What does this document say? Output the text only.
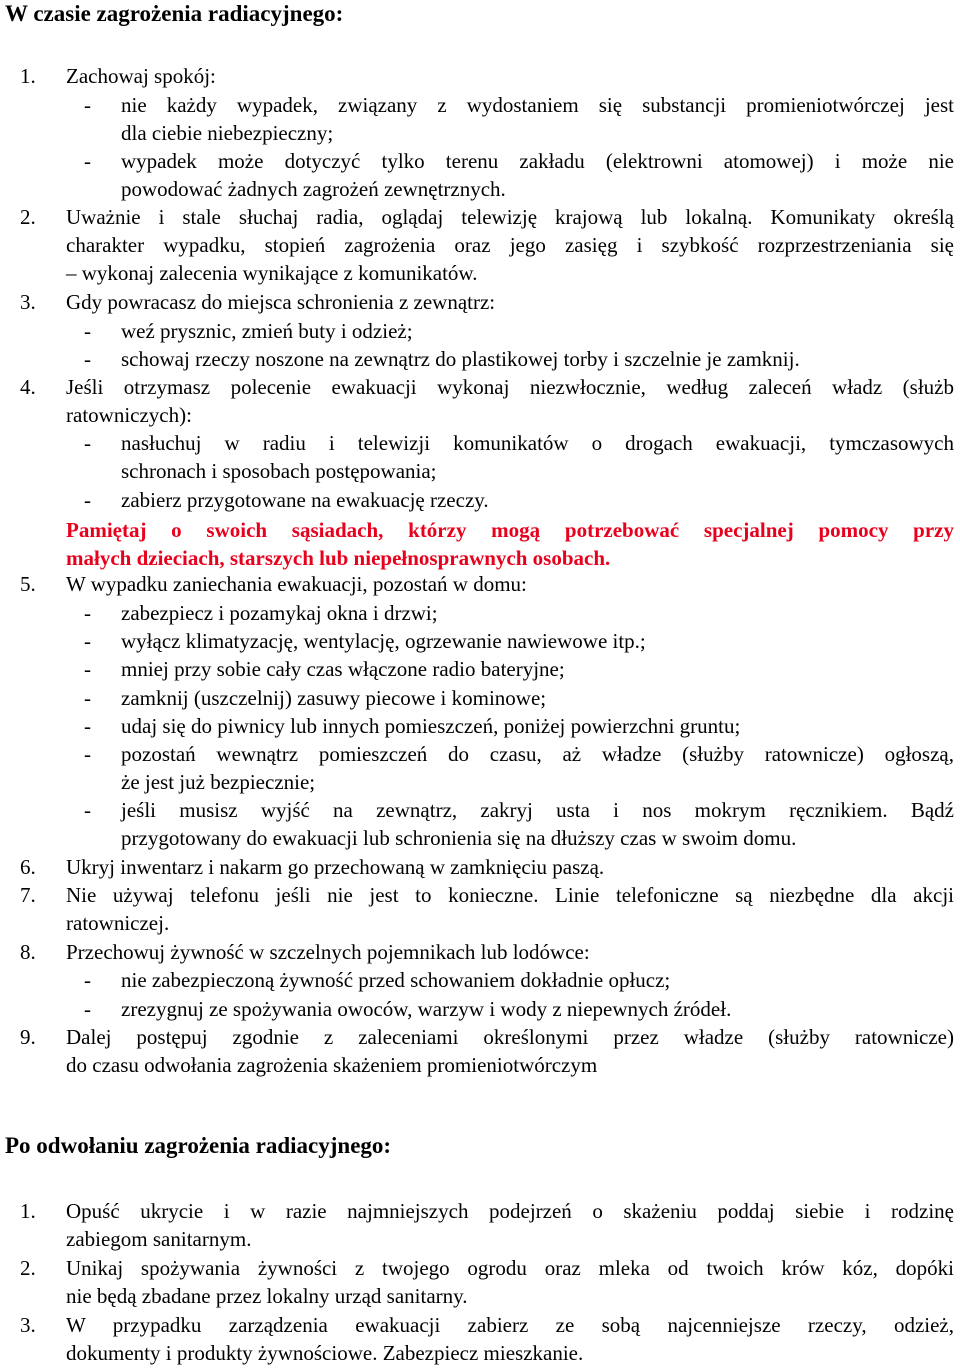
W czasie zagrożenia radiacyjnego:
1. Zachowaj spokój:
- nie każdy wypadek, związany z wydostaniem się substancji promieniotwórczej jest
dla ciebie niebezpieczny;
- wypadek może dotyczyć tylko terenu zakładu (elektrowni atomowej) i może nie
powodować żadnych zagrożeń zewnętrznych.
2. Uważnie i stale słuchaj radia, oglądaj telewizję krajową lub lokalną. Komunikaty określą
charakter wypadku, stopień zagrożenia oraz jego zasięg i szybkość rozprzestrzeniania się
– wykonaj zalecenia wynikające z komunikatów.
3. Gdy powracasz do miejsca schronienia z zewnątrz:
- weź prysznic, zmień buty i odzież;
- schowaj rzeczy noszone na zewnątrz do plastikowej torby i szczelnie je zamknij.
4. Jeśli otrzymasz polecenie ewakuacji wykonaj niezwłocznie, według zaleceń władz (służb
ratowniczych):
- nasłuchuj w radiu i telewizji komunikatów o drogach ewakuacji, tymczasowych
schronach i sposobach postępowania;
- zabierz przygotowane na ewakuację rzeczy.
Pamiętaj o swoich sąsiadach, którzy mogą potrzebować specjalnej pomocy przy
małych dzieciach, starszych lub niepełnosprawnych osobach.
5. W wypadku zaniechania ewakuacji, pozostań w domu:
- zabezpiecz i pozamykaj okna i drzwi;
- wyłącz klimatyzację, wentylację, ogrzewanie nawiewowe itp.;
- mniej przy sobie cały czas włączone radio bateryjne;
- zamknij (uszczelnij) zasuwy piecowe i kominowe;
- udaj się do piwnicy lub innych pomieszczeń, poniżej powierzchni gruntu;
- pozostań wewnątrz pomieszczeń do czasu, aż władze (służby ratownicze) ogłoszą,
że jest już bezpiecznie;
- jeśli musisz wyjść na zewnątrz, zakryj usta i nos mokrym ręcznikiem. Bądź
przygotowany do ewakuacji lub schronienia się na dłuższy czas w swoim domu.
6. Ukryj inwentarz i nakarm go przechowaną w zamknięciu paszą.
7. Nie używaj telefonu jeśli nie jest to konieczne. Linie telefoniczne są niezbędne dla akcji
ratowniczej.
8. Przechowuj żywność w szczelnych pojemnikach lub lodówce:
- nie zabezpieczoną żywność przed schowaniem dokładnie opłucz;
- zrezygnuj ze spożywania owoców, warzyw i wody z niepewnych źródeł.
9. Dalej postępuj zgodnie z zaleceniami określonymi przez władze (służby ratownicze)
do czasu odwołania zagrożenia skażeniem promieniotwórczym
Po odwołaniu zagrożenia radiacyjnego:
1. Opuść ukrycie i w razie najmniejszych podejrzeń o skażeniu poddaj siebie i rodzinę
zabiegom sanitarnym.
2. Unikaj spożywania żywności z twojego ogrodu oraz mleka od twoich krów kóz, dopóki
nie będą zbadane przez lokalny urząd sanitarny.
3. W przypadku zarządzenia ewakuacji zabierz ze sobą najcenniejsze rzeczy, odzież,
dokumenty i produkty żywnościowe. Zabezpiecz mieszkanie.
